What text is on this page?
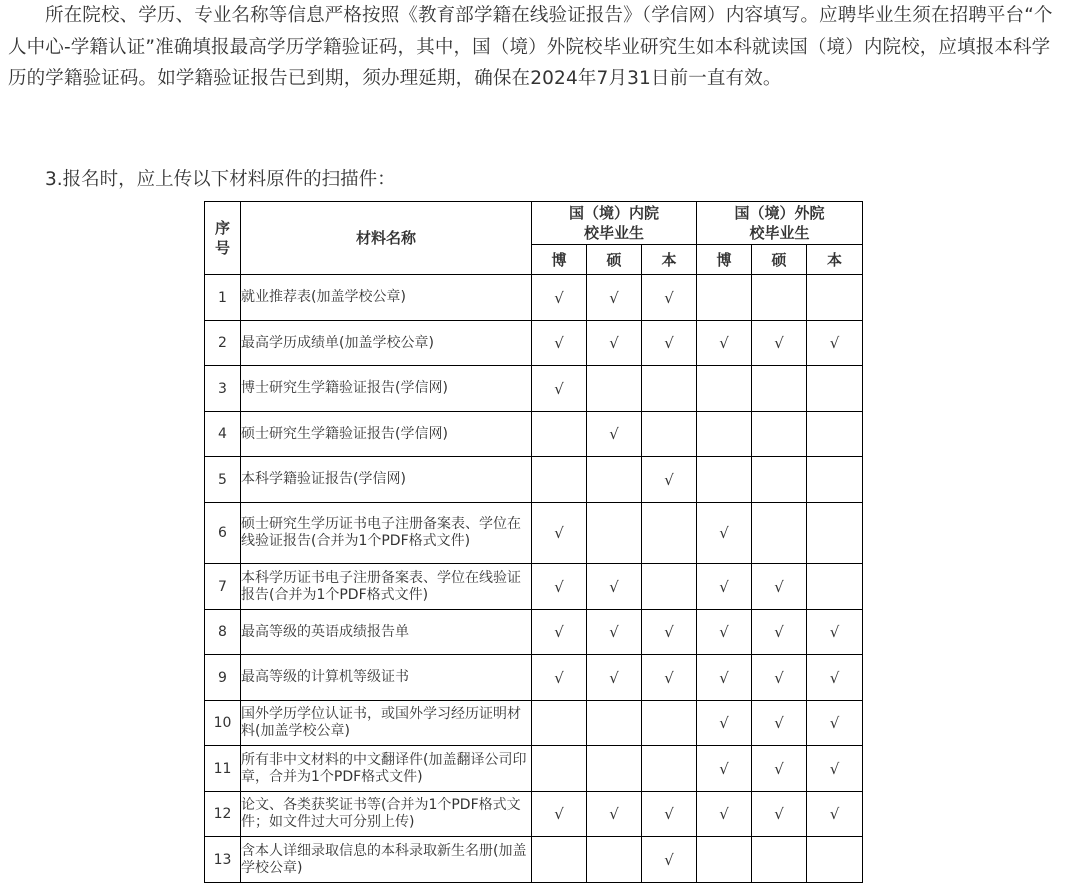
所在院校、学历、专业名称等信息严格按照《教育部学籍在线验证报告》（学信网）内容填写。应聘毕业生须在招聘平台“个人中心-学籍认证”准确填报最高学历学籍验证码，其中，国（境）外院校毕业研究生如本科就读国（境）内院校，应填报本科学历的学籍验证码。如学籍验证报告已到期，须办理延期，确保在2024年7月31日前一直有效。

3.报名时，应上传以下材料原件的扫描件：

序号	材料名称	国（境）内院校毕业生			国（境）外院校毕业生		

		博	硕	本	博	硕	本
1	就业推荐表(加盖学校公章)	√	√	√			
2	最高学历成绩单(加盖学校公章)	√	√	√	√	√	√
3	博士研究生学籍验证报告(学信网)	√					
4	硕士研究生学籍验证报告(学信网)		√				
5	本科学籍验证报告(学信网)			√			
6	硕士研究生学历证书电子注册备案表、学位在线验证报告(合并为1个PDF格式文件)	√			√		
7	本科学历证书电子注册备案表、学位在线验证报告(合并为1个PDF格式文件)	√	√		√	√	
8	最高等级的英语成绩报告单	√	√	√	√	√	√
9	最高等级的计算机等级证书	√	√	√	√	√	√
10	国外学历学位认证书，或国外学习经历证明材料(加盖学校公章)				√	√	√
11	所有非中文材料的中文翻译件(加盖翻译公司印章，合并为1个PDF格式文件)				√	√	√
12	论文、各类获奖证书等(合并为1个PDF格式文件；如文件过大可分别上传)	√	√	√	√	√	√
13	含本人详细录取信息的本科录取新生名册(加盖学校公章)			√			
